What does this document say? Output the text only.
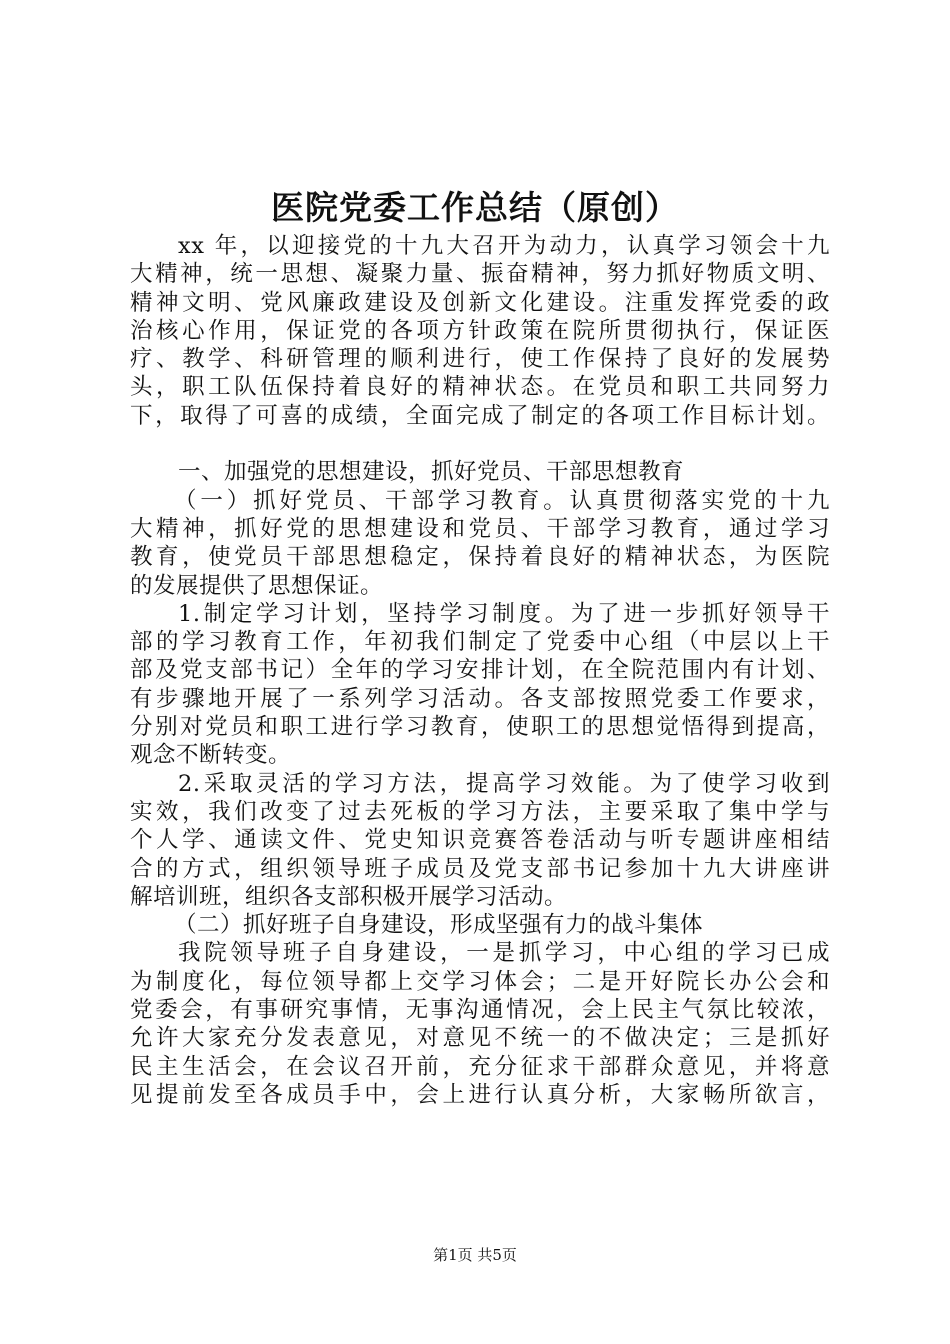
医院党委工作总结（原创）
xx 年，以迎接党的十九大召开为动力，认真学习领会十九
大精神，统一思想、凝聚力量、振奋精神，努力抓好物质文明、
精神文明、党风廉政建设及创新文化建设。注重发挥党委的政
治核心作用，保证党的各项方针政策在院所贯彻执行，保证医
疗、教学、科研管理的顺利进行，使工作保持了良好的发展势
头，职工队伍保持着良好的精神状态。在党员和职工共同努力
下，取得了可喜的成绩，全面完成了制定的各项工作目标计划。
一、加强党的思想建设，抓好党员、干部思想教育
（一）抓好党员、干部学习教育。认真贯彻落实党的十九
大精神，抓好党的思想建设和党员、干部学习教育，通过学习
教育，使党员干部思想稳定，保持着良好的精神状态，为医院
的发展提供了思想保证。
1.制定学习计划，坚持学习制度。为了进一步抓好领导干
部的学习教育工作，年初我们制定了党委中心组（中层以上干
部及党支部书记）全年的学习安排计划，在全院范围内有计划、
有步骤地开展了一系列学习活动。各支部按照党委工作要求，
分别对党员和职工进行学习教育，使职工的思想觉悟得到提高，
观念不断转变。
2.采取灵活的学习方法，提高学习效能。为了使学习收到
实效，我们改变了过去死板的学习方法，主要采取了集中学与
个人学、通读文件、党史知识竞赛答卷活动与听专题讲座相结
合的方式，组织领导班子成员及党支部书记参加十九大讲座讲
解培训班，组织各支部积极开展学习活动。
（二）抓好班子自身建设，形成坚强有力的战斗集体
我院领导班子自身建设，一是抓学习，中心组的学习已成
为制度化，每位领导都上交学习体会；二是开好院长办公会和
党委会，有事研究事情，无事沟通情况，会上民主气氛比较浓，
允许大家充分发表意见，对意见不统一的不做决定；三是抓好
民主生活会，在会议召开前，充分征求干部群众意见，并将意
见提前发至各成员手中，会上进行认真分析，大家畅所欲言，
第1页 共5页
